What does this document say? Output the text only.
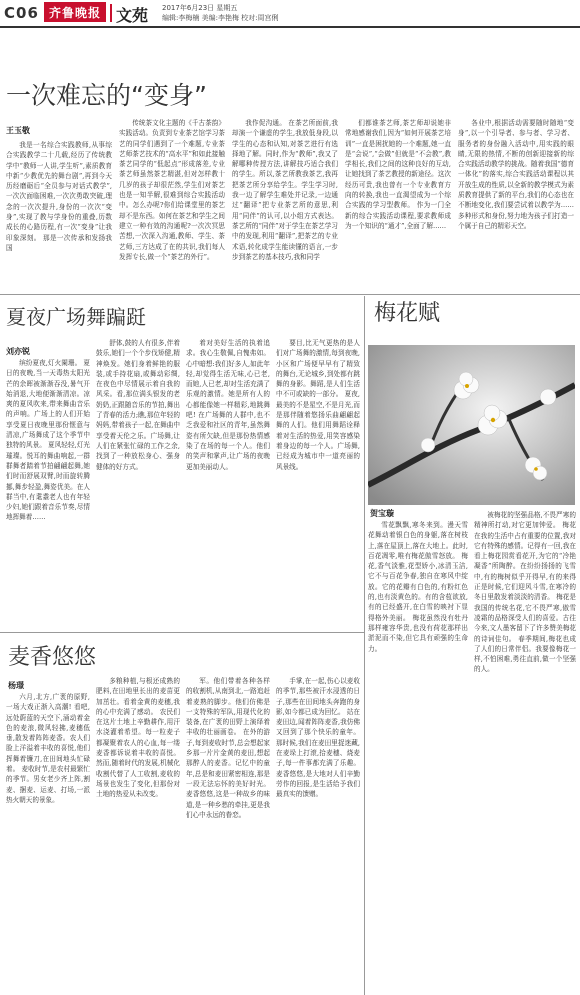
C06 齐鲁晚报 文苑 2017年6月23日 星期五
编辑:李梅楠 美编:李艳梅 校对:周宫俐
一次难忘的“变身”
王玉敬

我是一名综合实践教师,从事综合实践教学二十几载,经历了传统教学中“教师一人讲,学生听”,素质教育中新“少教优先的舞台剧”,再到今天历经磨砺后“全员参与对话式教学”,一次次面临困难,一次次勇敢突破,理念的一次次提升,身份的一次次“变身”,实现了教与学身份的重叠,历数成长的心路历程,有一次“变身”让我印象深刻。 那是一次传承和发扬我国

传统茶文化主题的《千古茶韵》实践活动。负责到专业茶艺馆学习茶艺的同学们遇到了一个难题,专业茶艺师茶艺技术的“高水平”和如此接触茶艺同学的“低起点”形成落差,专业茶艺师虽然茶艺精湛,但对怎样教十几岁的孩子却很茫然,学生们对茶艺也是一知半解,很难到综合实践活动中。怎么办呢?你们给课堂里的茶艺却不是东西。如何在茶艺和学生之间建立一种有效的沟通呢?一次次冥思苦想,一次深入沟通,教师、学生、茶艺师,三方达成了在的共识,我们每人发挥专长,做一个“茶艺的外行”。

我作促沟通。 在茶艺所面前,我却演一个谦虚的学生,我放低身段,以学生的心态和认知,对茶艺进行有选择地了解。同时,作为“教师”,我又了解哪种传授方法,讲解技巧适合我们的学生。所以,茶艺所教我茶艺,我再把茶艺所分享给学生。学生学习时,我一边了解学生难处并记录,一边通过“翻译”把专业茶艺所的意思,利用“同伴”的认可,以小组方式表达。茶艺所的“同伴”对于学生在茶艺学习中的发现,利用“翻译”,把茶艺的专业术语,转化成学生能读懂的语言,一步步到茶艺的基本技巧,我和同学

们都谁茶艺师,茶艺师却说她非常地感谢我们,因为“如何开展茶艺培训”一直是困扰她的一个难题,她一直是“会说”,“会做”但就是“不会教”,教学相长,我们之间的这种良好的互动,让她找到了茶艺教授的新途径。这次经历可贵,我也曾有一个专业教育方向的转换,我也一直渴望成为一个综合实践的学习型教师。 作为一门全新的综合实践活动课程,要求教师成为一个知识的“通才”,全面了解……

各业中,根据活动需要随时随地“变身”,以一个引导者、参与者、学习者、服务者的身份融入活动中,用实践的眼睛,无限的热情,不断的创新迎接新的综合实践活动教学的挑战。随着我国“德育一体化”的落实,综合实践活动课程以其开放生成的性质,以全新的教学模式为素质教育提供了新的平台,我们的心态也在不断地变化,我们要尝试着以教学为……多种形式和身份,努力地为孩子们打造一个属于自己的精彩天空。

夏夜广场舞蹁跹
刘亦锐

缤纷夏夜,灯火阑珊。 夏日的夜晚,当一天毒热太阳光芒的余晖被渐渐吞没,暑气开始消退,大地便渐渐清凉。凉爽的夏风吹来,带来舞曲音乐的声响。广场上的人们开始享受夏日夜晚里那份惬意与清凉,广场舞成了这个季节中独特的风景。 夏风轻轻,灯光璀璨。悦耳的舞曲响起,一群群舞者踏着节拍翩翩起舞,她们时而舒展双臂,时而旋转腾挪,舞步轻盈,舞姿优美。在人群当中,有耄耋老人也有年轻少妇,她们跟着音乐节奏,尽情地挥舞着……

舒体,鼓的人有很多,伴着鼓乐,她们一个个步伐矫健,精神焕发。她们身着鲜艳的服装,或手持花扇,或舞动彩绸,在夜色中尽情展示着自我的风采。看,那位满头银发的老奶奶,正跟随音乐的节拍,舞出了青春的活力;瞧,那位年轻的妈妈,带着孩子一起,在舞曲中享受着天伦之乐。广场舞,让人们在紧张忙碌的工作之余,找到了一种放松身心、强身健体的好方式。

着对美好生活的执着追求。我心生敬佩,自愧弗如。心中暗想:我们好多人,如此年轻,却觉得生活无味,心已老,而她,人已老,却对生活充满了乐观的激情。她是所有人的心都能像她一样精彩,地跳舞吧! 在广场舞的人群中,也不乏我爱和社区的青年,虽然舞姿有所欠缺,但是那份热情感染了在场的每一个人。他们的笑声和掌声,让广场的夜晚更加美丽动人。

要目,比无气更热的是人们对广场舞的激情,每到夜晚,小区和广场便早早有了精致的舞台,无论城乡,到处都有跳舞的身影。舞蹈,是人们生活中不可或缺的一部分。 夏夜,最美的不是星空,不是月光,而是那伴随着悠扬乐曲翩翩起舞的人们。他们用舞蹈诠释着对生活的热爱,用笑容感染着身边的每一个人。广场舞,已经成为城市中一道亮丽的风景线。

梅花赋
贺宝璇

雪花飘飘,寒冬来到。漫天雪花舞动着银白色的身躯,落在树枝上,落在屋顶上,落在大地上。此时,百花凋零,唯有梅花傲雪怒放。 梅花,香气淡雅,花型娇小,冰清玉洁,它不与百花争春,独自在寒风中绽放。它的花瓣有白色的,有粉红色的,也有淡黄色的。有的含苞欲放,有的已经盛开,在白雪的映衬下显得格外美丽。 梅花虽然没有牡丹那样雍容华贵,也没有荷花那样出淤泥而不染,但它具有顽强的生命力。

被梅花的坚强品格,不畏严寒的精神所打动,对它更加钟爱。 梅花在我的生活中占有重要的位置,我对它有特殊的感情。记得有一回,我在看上梅花园赏看花开,为它的“冷艳凝香”所陶醉。在纷纷扬扬的飞雪中,有的梅树似乎开得早,有的来得正是时候,它们迎风斗雪,在寒冷的冬日里散发着淡淡的清香。 梅花是我国的传统名花,它不畏严寒,傲雪凌霜的品格深受人们的喜爱。古往今来,文人墨客留下了许多赞美梅花的诗词佳句。 春季期间,梅花也成了人们的日常伴侣。我要像梅花一样,不怕困难,勇往直前,做一个坚强的人。

麦香悠悠
杨璟

六月,北方,广袤的原野,一场大戏正渐入高潮! 看吧,远处蔚蓝的天空下,涌动着金色的麦浪,微风轻拂,麦穗低垂,散发着阵阵麦香。农人们脸上洋溢着丰收的喜悦,他们挥舞着镰刀,在田间地头忙碌着。 麦收时节,是农村最繁忙的季节。男女老少齐上阵,割麦、捆麦、运麦、打场,一派热火朝天的景象。

多粮种植,与根还成熟的肥料,在田地里长出的麦苗更加茁壮。看着金黄的麦穗,我的心中充满了感动。 农民们在这片土地上辛勤耕作,用汗水浇灌着希望。每一粒麦子都凝聚着农人的心血,每一缕麦香都诉说着丰收的喜悦。 然而,随着时代的发展,机械化收割代替了人工收割,麦收的场景也发生了变化,但那份对土地的热爱从未改变。

军。他们带着各种各样的收割机,从南到北,一路追赶着麦熟的脚步。他们仿佛是一支特殊的军队,用现代化的装备,在广袤的田野上演绎着丰收的壮丽画卷。 在外的游子,每到麦收时节,总会想起家乡那一片片金黄的麦田,想起那醉人的麦香。记忆中的童年,总是和麦田紧密相连,那是一段无法忘怀的美好时光。 麦香悠悠,这是一种故乡的味道,是一种乡愁的牵挂,更是我们心中永远的眷恋。

手掌,在一起,伤心以麦收的季节,那些被汗水浸透的日子,那些在田间地头奔跑的身影,如今都已成为回忆。 站在麦田边,闻着阵阵麦香,我仿佛又回到了那个快乐的童年。那时候,我们在麦田里捉迷藏,在麦垛上打滚,拾麦穗、烧麦子,每一件事都充满了乐趣。 麦香悠悠,是大地对人们辛勤劳作的回报,是生活给予我们最真实的馈赠。
